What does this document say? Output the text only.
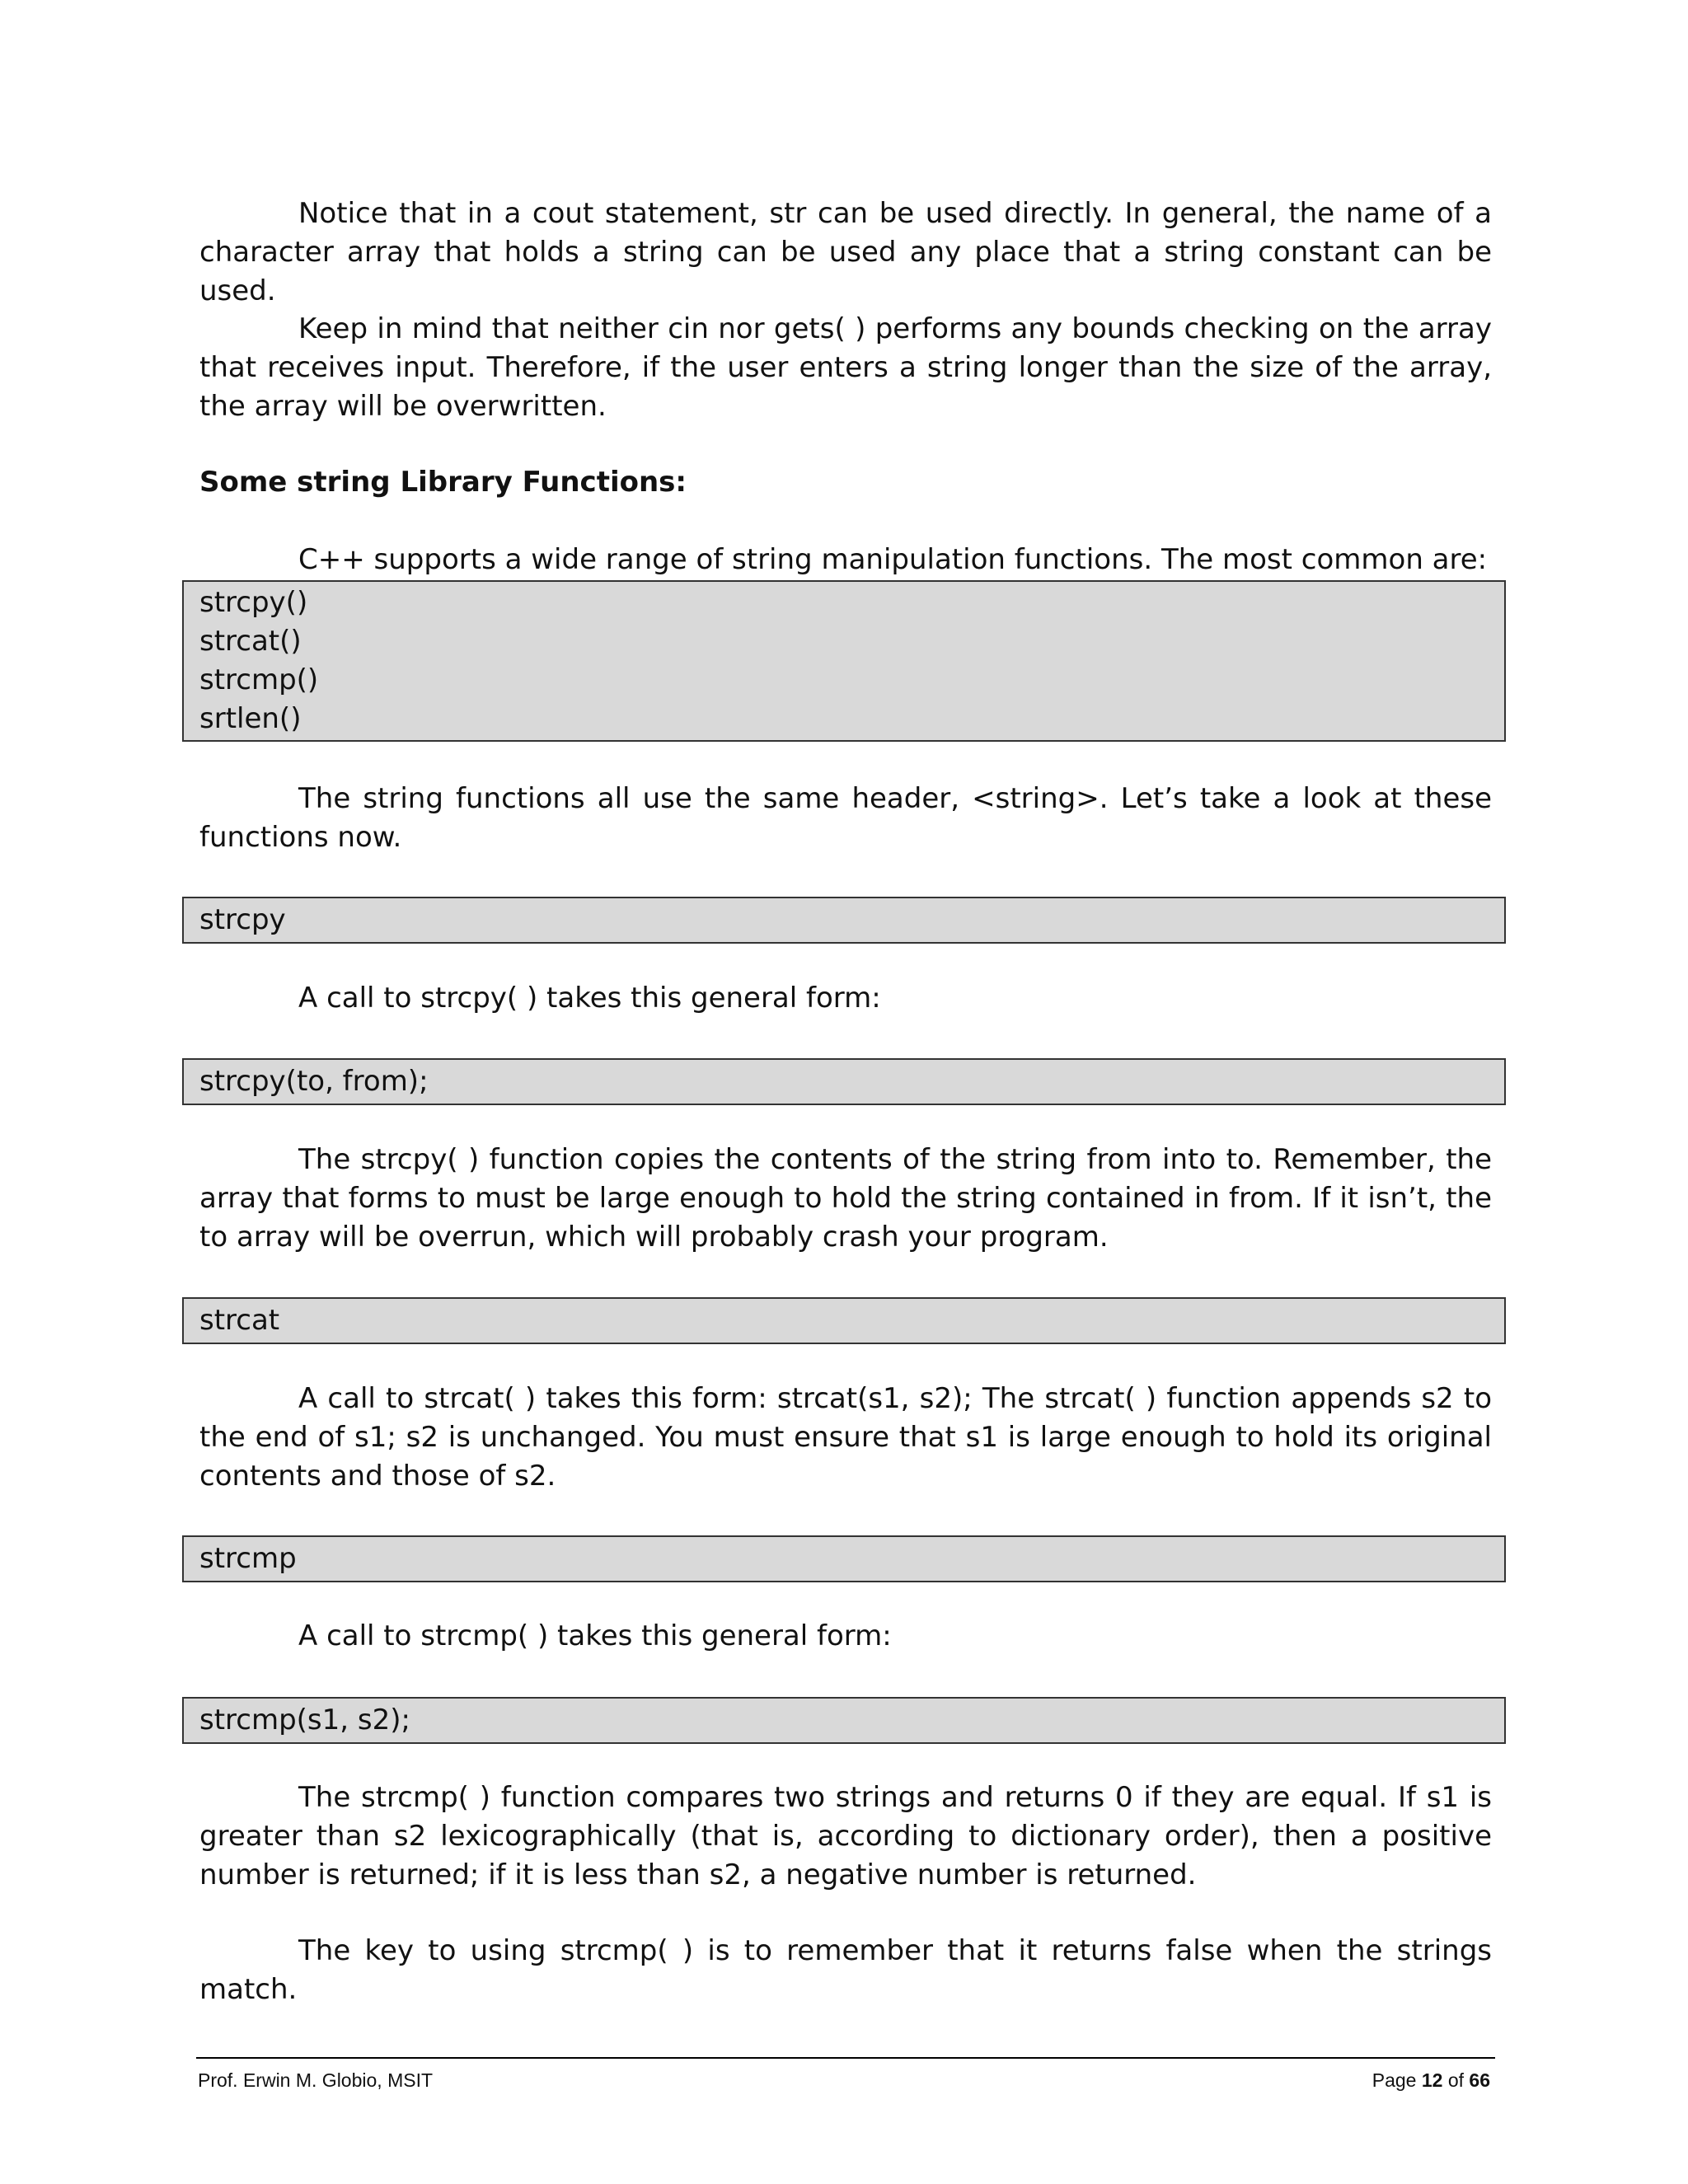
Notice that in a cout statement, str can be used directly. In general, the name of a character array that holds a string can be used any place that a string constant can be used.

Keep in mind that neither cin nor gets( ) performs any bounds checking on the array that receives input. Therefore, if the user enters a string longer than the size of the array, the array will be overwritten.

Some string Library Functions:

C++ supports a wide range of string manipulation functions. The most common are:

strcpy()
strcat()
strcmp()
srtlen()

The string functions all use the same header, <string>. Let’s take a look at these functions now.

strcpy

A call to strcpy( ) takes this general form:

strcpy(to, from);

The strcpy( ) function copies the contents of the string from into to. Remember, the array that forms to must be large enough to hold the string contained in from. If it isn’t, the to array will be overrun, which will probably crash your program.

strcat

A call to strcat( ) takes this form: strcat(s1, s2); The strcat( ) function appends s2 to the end of s1; s2 is unchanged. You must ensure that s1 is large enough to hold its original contents and those of s2.

strcmp

A call to strcmp( ) takes this general form:

strcmp(s1, s2);

The strcmp( ) function compares two strings and returns 0 if they are equal. If s1 is greater than s2 lexicographically (that is, according to dictionary order), then a positive number is returned; if it is less than s2, a negative number is returned.

The key to using strcmp( ) is to remember that it returns false when the strings match.

Prof. Erwin M. Globio, MSIT	Page 12 of 66
